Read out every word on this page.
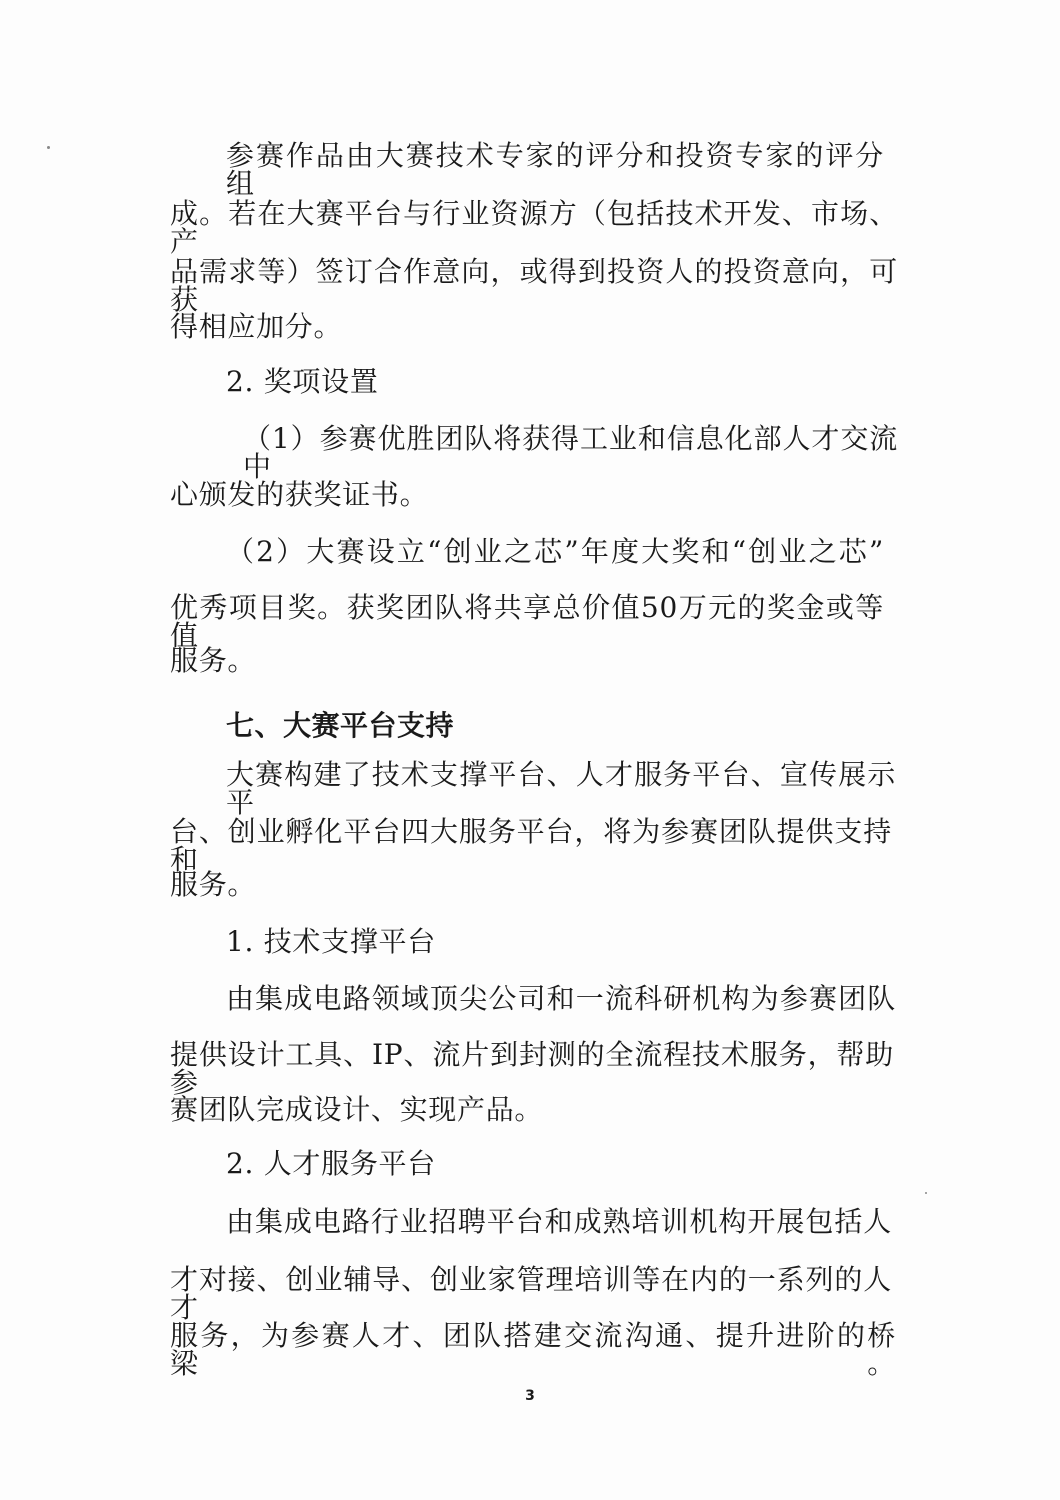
参赛作品由大赛技术专家的评分和投资专家的评分组
成。若在大赛平台与行业资源方（包括技术开发、市场、产
品需求等）签订合作意向，或得到投资人的投资意向，可获
得相应加分。
2. 奖项设置
（1）参赛优胜团队将获得工业和信息化部人才交流中
心颁发的获奖证书。
（2）大赛设立“创业之芯”年度大奖和“创业之芯”
优秀项目奖。获奖团队将共享总价值50万元的奖金或等值
服务。
七、大赛平台支持
大赛构建了技术支撑平台、人才服务平台、宣传展示平
台、创业孵化平台四大服务平台，将为参赛团队提供支持和
服务。
1. 技术支撑平台
由集成电路领域顶尖公司和一流科研机构为参赛团队
提供设计工具、IP、流片到封测的全流程技术服务，帮助参
赛团队完成设计、实现产品。
2. 人才服务平台
由集成电路行业招聘平台和成熟培训机构开展包括人
才对接、创业辅导、创业家管理培训等在内的一系列的人才
服务，为参赛人才、团队搭建交流沟通、提升进阶的桥梁。
3
